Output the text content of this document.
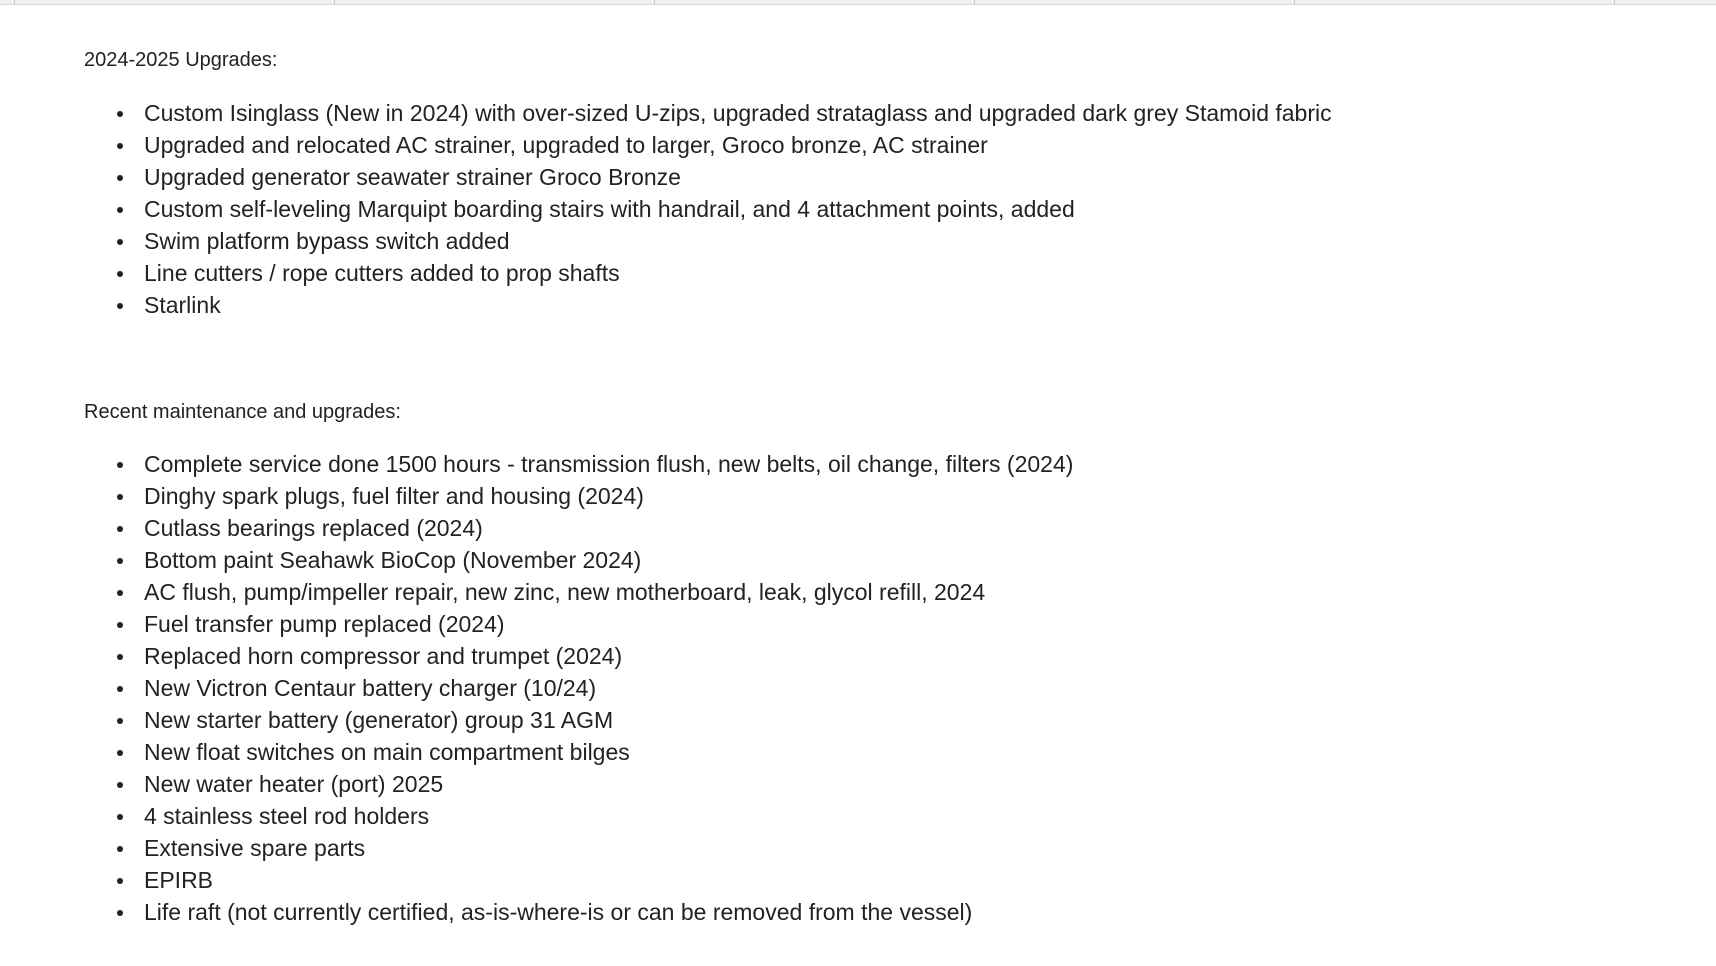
2024-2025 Upgrades:

Custom Isinglass (New in 2024) with over-sized U-zips, upgraded strataglass and upgraded dark grey Stamoid fabric
Upgraded and relocated AC strainer, upgraded to larger, Groco bronze, AC strainer
Upgraded generator seawater strainer Groco Bronze
Custom self-leveling Marquipt boarding stairs with handrail, and 4 attachment points, added
Swim platform bypass switch added
Line cutters / rope cutters added to prop shafts
Starlink

Recent maintenance and upgrades:

Complete service done 1500 hours - transmission flush, new belts, oil change, filters (2024)
Dinghy spark plugs, fuel filter and housing (2024)
Cutlass bearings replaced (2024)
Bottom paint Seahawk BioCop (November 2024)
AC flush, pump/impeller repair, new zinc, new motherboard, leak, glycol refill, 2024
Fuel transfer pump replaced (2024)
Replaced horn compressor and trumpet (2024)
New Victron Centaur battery charger (10/24)
New starter battery (generator) group 31 AGM
New float switches on main compartment bilges
New water heater (port) 2025
4 stainless steel rod holders
Extensive spare parts
EPIRB
Life raft (not currently certified, as-is-where-is or can be removed from the vessel)
